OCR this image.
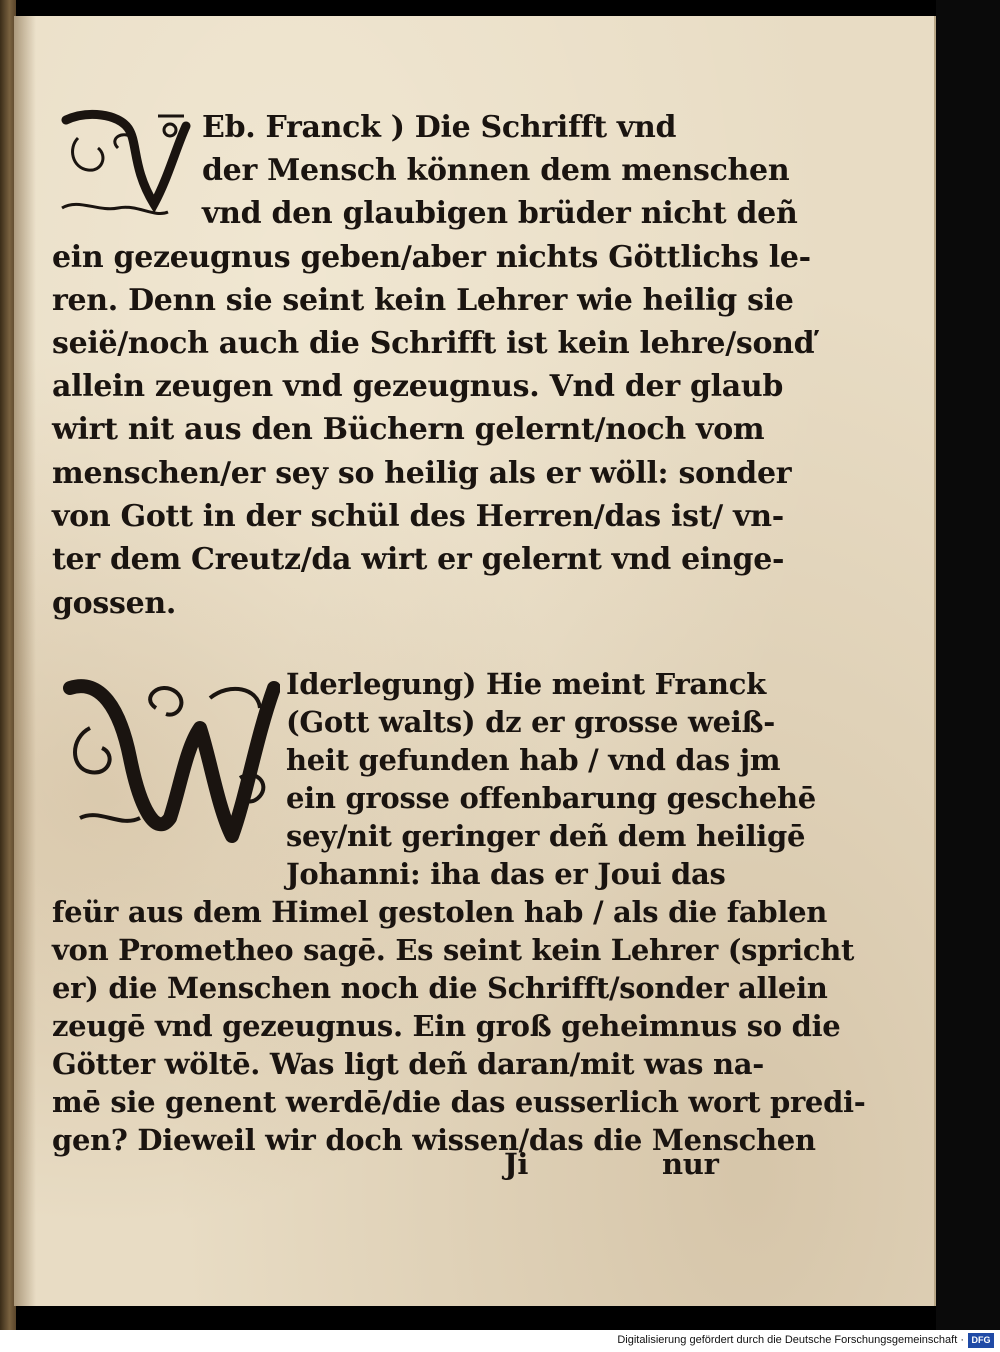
Eb. Franck ) Die Schrifft vnd
der Mensch können dem menschen
vnd den glaubigen brüder nicht deñ
ein gezeugnus geben/aber nichts Göttlichs le-
ren. Denn sie seint kein Lehrer wie heilig sie
seië/noch auch die Schrifft ist kein lehre/sonď
allein zeugen vnd gezeugnus. Vnd der glaub
wirt nit aus den Büchern gelernt/noch vom
menschen/er sey so heilig als er wöll: sonder
von Gott in der schül des Herren/das ist/ vn-
ter dem Creutz/da wirt er gelernt vnd einge-
gossen.
Iderlegung) Hie meint Franck
(Gott walts) dz er grosse weiß-
heit gefunden hab / vnd das jm
ein grosse offenbarung geschehē
sey/nit geringer deñ dem heiligē
Johanni: iha das er Joui das
feür aus dem Himel gestolen hab / als die fablen
von Prometheo sagē. Es seint kein Lehrer (spricht
er) die Menschen noch die Schrifft/sonder allein
zeugē vnd gezeugnus. Ein groß geheimnus so die
Götter wöltē. Was ligt deñ daran/mit was na-
mē sie genent werdē/die das eusserlich wort predi-
gen? Dieweil wir doch wissen/das die Menschen
Ji	nur
Digitalisierung gefördert durch die Deutsche Forschungsgemeinschaft · DFG
